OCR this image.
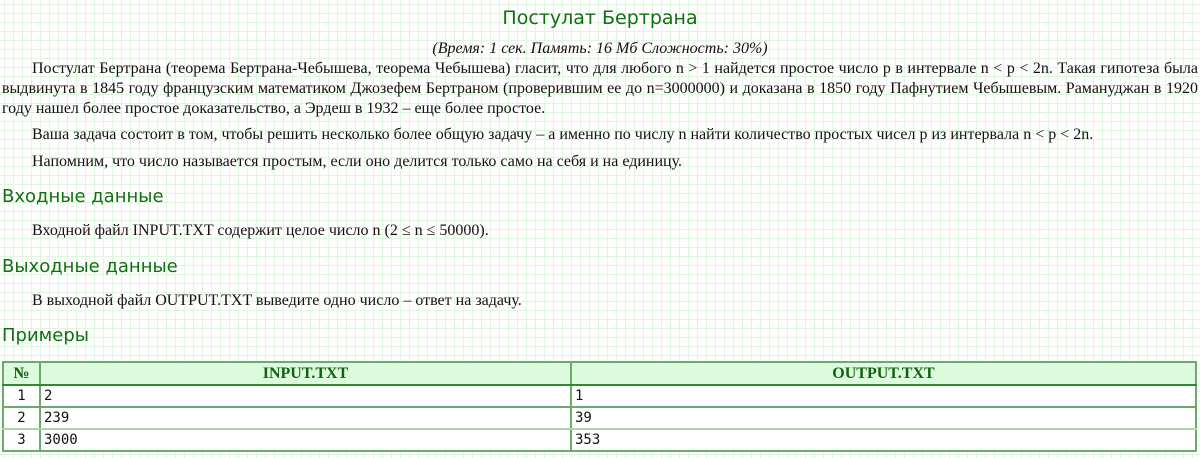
Постулат Бертрана
(Время: 1 сек. Память: 16 Мб Сложность: 30%)
Постулат Бертрана (теорема Бертрана-Чебышева, теорема Чебышева) гласит, что для любого n > 1 найдется простое число p в интервале n < p < 2n. Такая гипотеза была выдвинута в 1845 году французским математиком Джозефем Бертраном (проверившим ее до n=3000000) и доказана в 1850 году Пафнутием Чебышевым. Рамануджан в 1920 году нашел более простое доказательство, а Эрдеш в 1932 – еще более простое.
Ваша задача состоит в том, чтобы решить несколько более общую задачу – а именно по числу n найти количество простых чисел p из интервала n < p < 2n.
Напомним, что число называется простым, если оно делится только само на себя и на единицу.
Входные данные
Входной файл INPUT.TXT содержит целое число n (2 ≤ n ≤ 50000).
Выходные данные
В выходной файл OUTPUT.TXT выведите одно число – ответ на задачу.
Примеры
№	INPUT.TXT	OUTPUT.TXT
1	2	1
2	239	39
3	3000	353
